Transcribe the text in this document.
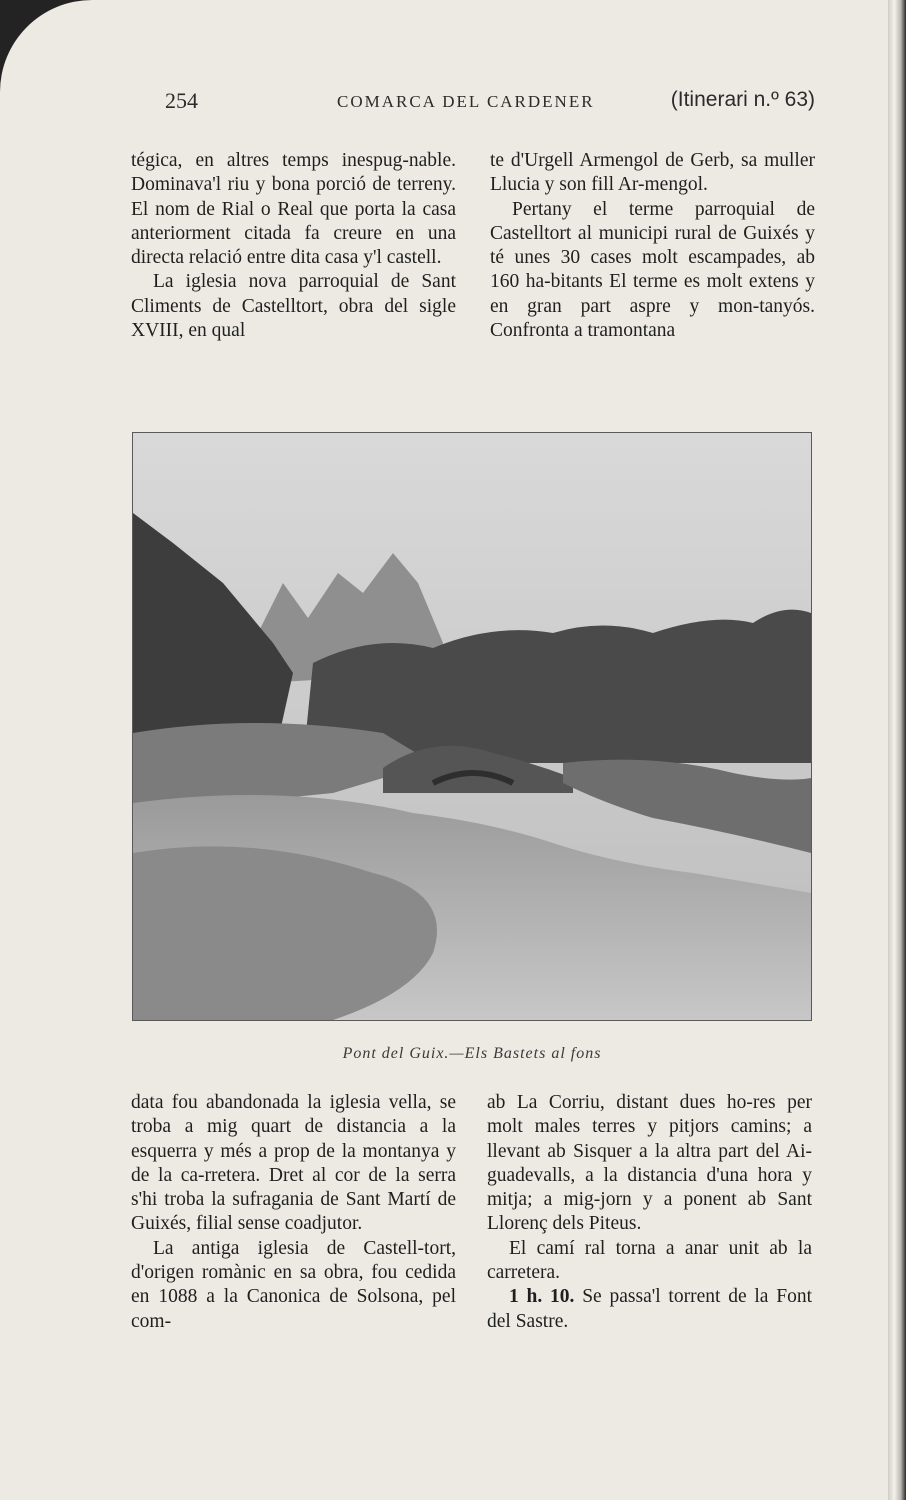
254	COMARCA DEL CARDENER	(Itinerari n.º 63)

tégica, en altres temps inespug-nable. Dominava'l riu y bona porció de terreny. El nom de Rial o Real que porta la casa anteriorment citada fa creure en una directa relació entre dita casa y'l castell.

La iglesia nova parroquial de Sant Climents de Castelltort, obra del sigle XVIII, en qual

te d'Urgell Armengol de Gerb, sa muller Llucia y son fill Ar-mengol.

Pertany el terme parroquial de Castelltort al municipi rural de Guixés y té unes 30 cases molt escampades, ab 160 ha-bitants El terme es molt extens y en gran part aspre y mon-tanyós. Confronta a tramontana

Pont del Guix.—Els Bastets al fons

data fou abandonada la iglesia vella, se troba a mig quart de distancia a la esquerra y més a prop de la montanya y de la ca-rretera. Dret al cor de la serra s'hi troba la sufragania de Sant Martí de Guixés, filial sense coadjutor.

La antiga iglesia de Castell-tort, d'origen romànic en sa obra, fou cedida en 1088 a la Canonica de Solsona, pel com-

ab La Corriu, distant dues ho-res per molt males terres y pitjors camins; a llevant ab Sisquer a la altra part del Ai-guadevalls, a la distancia d'una hora y mitja; a mig-jorn y a ponent ab Sant Llorenç dels Piteus.

El camí ral torna a anar unit ab la carretera.

1 h. 10. Se passa'l torrent de la Font del Sastre.
